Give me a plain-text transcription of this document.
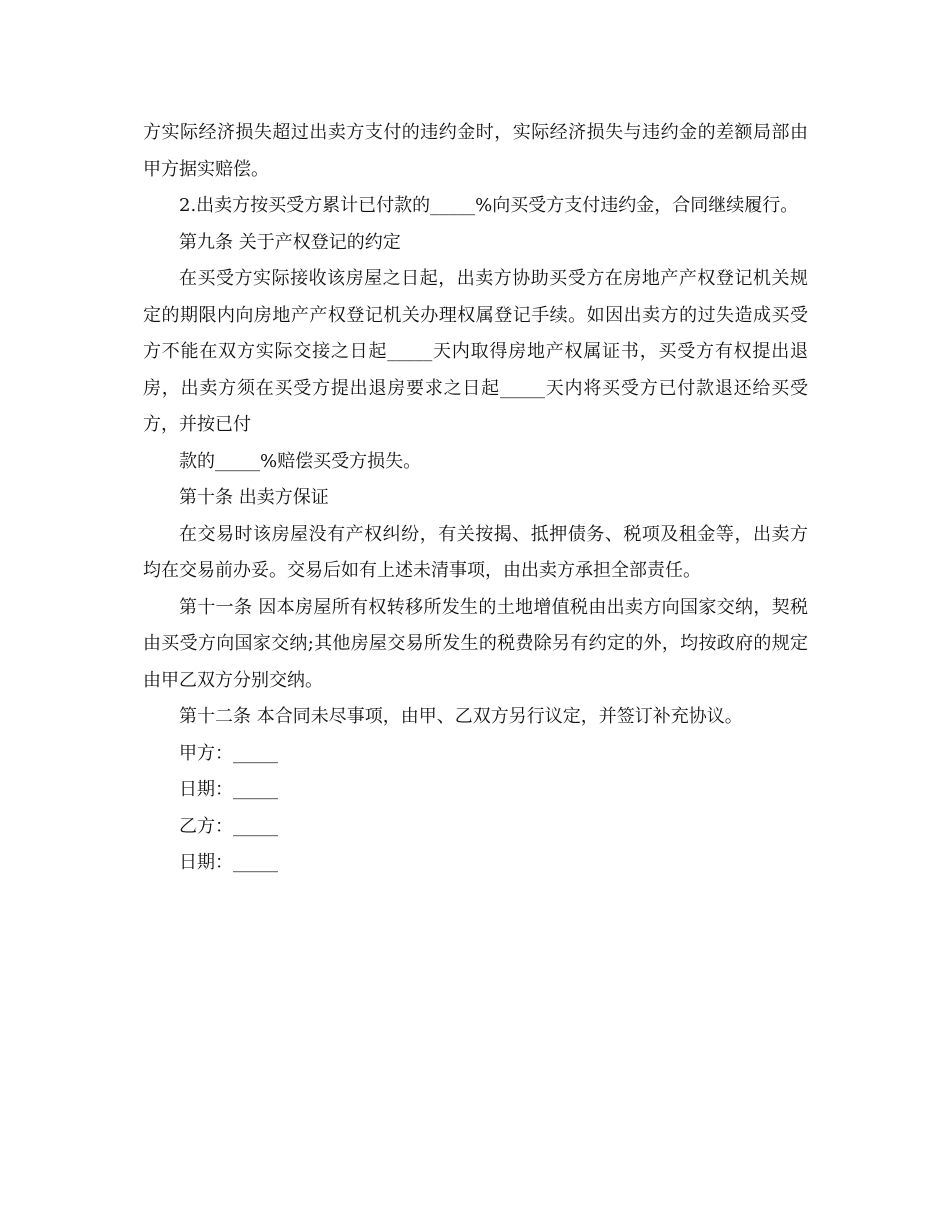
方实际经济损失超过出卖方支付的违约金时，实际经济损失与违约金的差额局部由甲方据实赔偿。

2.出卖方按买受方累计已付款的_____%向买受方支付违约金，合同继续履行。

第九条 关于产权登记的约定

在买受方实际接收该房屋之日起，出卖方协助买受方在房地产产权登记机关规定的期限内向房地产产权登记机关办理权属登记手续。如因出卖方的过失造成买受方不能在双方实际交接之日起_____天内取得房地产权属证书，买受方有权提出退房，出卖方须在买受方提出退房要求之日起_____天内将买受方已付款退还给买受方，并按已付

款的_____%赔偿买受方损失。

第十条 出卖方保证

在交易时该房屋没有产权纠纷，有关按揭、抵押债务、税项及租金等，出卖方均在交易前办妥。交易后如有上述未清事项，由出卖方承担全部责任。

第十一条 因本房屋所有权转移所发生的土地增值税由出卖方向国家交纳，契税由买受方向国家交纳;其他房屋交易所发生的税费除另有约定的外，均按政府的规定由甲乙双方分别交纳。

第十二条 本合同未尽事项，由甲、乙双方另行议定，并签订补充协议。

甲方：_____

日期：_____

乙方：_____

日期：_____
